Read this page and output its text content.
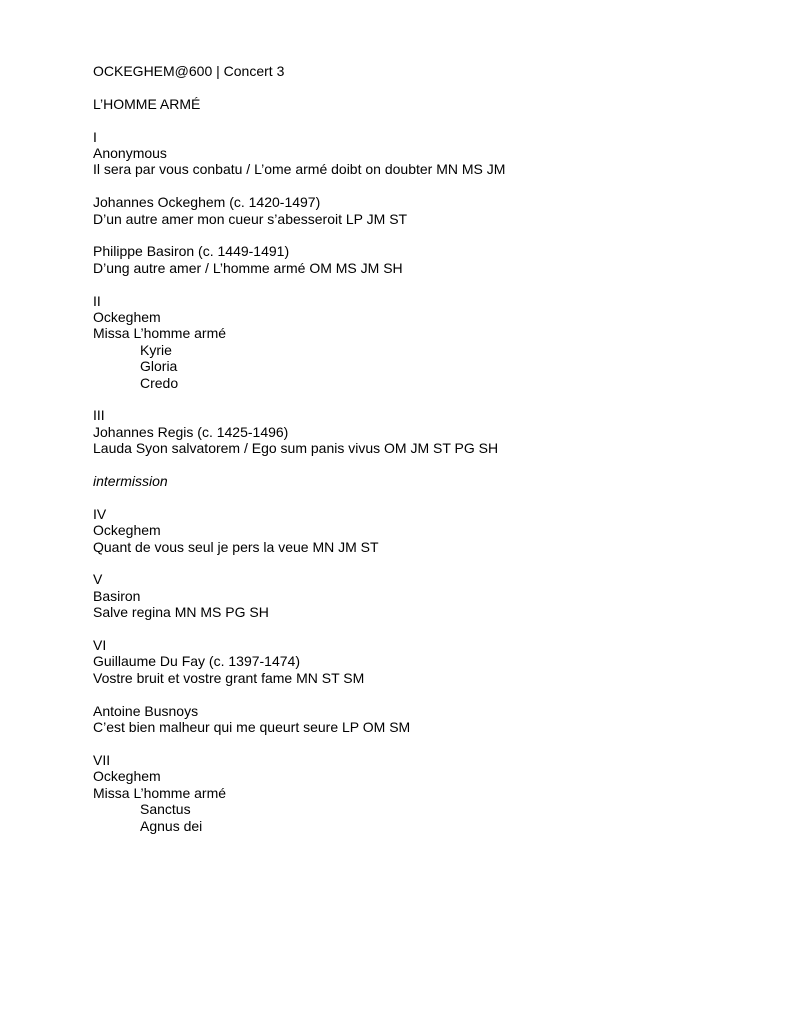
OCKEGHEM@600 | Concert 3
L’HOMME ARMÉ
I
Anonymous
Il sera par vous conbatu / L’ome armé doibt on doubter MN MS JM
Johannes Ockeghem (c. 1420-1497)
D’un autre amer mon cueur s’abesseroit LP JM ST
Philippe Basiron (c. 1449-1491)
D’ung autre amer / L’homme armé OM MS JM SH
II
Ockeghem
Missa L’homme armé
Kyrie
Gloria
Credo
III
Johannes Regis (c. 1425-1496)
Lauda Syon salvatorem / Ego sum panis vivus OM JM ST PG SH
intermission
IV
Ockeghem
Quant de vous seul je pers la veue MN JM ST
V
Basiron
Salve regina MN MS PG SH
VI
Guillaume Du Fay (c. 1397-1474)
Vostre bruit et vostre grant fame MN ST SM
Antoine Busnoys
C’est bien malheur qui me queurt seure LP OM SM
VII
Ockeghem
Missa L’homme armé
Sanctus
Agnus dei
